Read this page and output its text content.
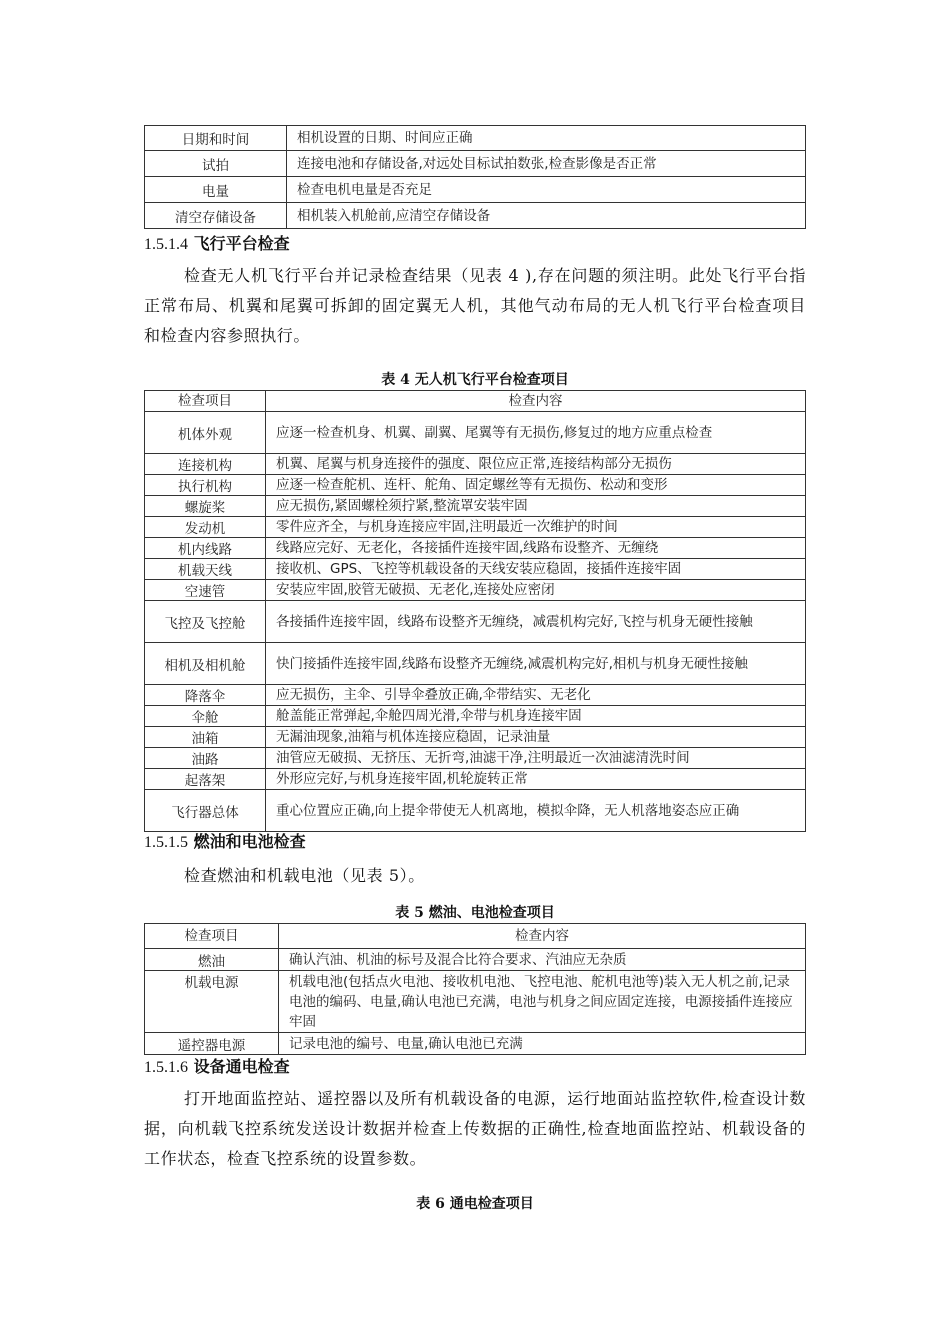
日期和时间	相机设置的日期、时间应正确
试拍	连接电池和存储设备,对远处目标试拍数张,检查影像是否正常
电量	检查电机电量是否充足
清空存储设备	相机装入机舱前,应清空存储设备
1.5.1.4 飞行平台检查
检查无人机飞行平台并记录检查结果（见表 4 ),存在问题的须注明。此处飞行平台指正常布局、机翼和尾翼可拆卸的固定翼无人机，其他气动布局的无人机飞行平台检查项目和检查内容参照执行。
表 4 无人机飞行平台检查项目
检查项目	检查内容
机体外观	应逐一检查机身、机翼、副翼、尾翼等有无损伤,修复过的地方应重点检查
连接机构	机翼、尾翼与机身连接件的强度、限位应正常,连接结构部分无损伤
执行机构	应逐一检查舵机、连杆、舵角、固定螺丝等有无损伤、松动和变形
螺旋桨	应无损伤,紧固螺栓须拧紧,整流罩安装牢固
发动机	零件应齐全，与机身连接应牢固,注明最近一次维护的时间
机内线路	线路应完好、无老化，各接插件连接牢固,线路布设整齐、无缠绕
机载天线	接收机、GPS、飞控等机载设备的天线安装应稳固，接插件连接牢固
空速管	安装应牢固,胶管无破损、无老化,连接处应密闭
飞控及飞控舱	各接插件连接牢固，线路布设整齐无缠绕，减震机构完好,飞控与机身无硬性接触
相机及相机舱	快门接插件连接牢固,线路布设整齐无缠绕,减震机构完好,相机与机身无硬性接触
降落伞	应无损伤，主伞、引导伞叠放正确,伞带结实、无老化
伞舱	舱盖能正常弹起,伞舱四周光滑,伞带与机身连接牢固
油箱	无漏油现象,油箱与机体连接应稳固，记录油量
油路	油管应无破损、无挤压、无折弯,油滤干净,注明最近一次油滤清洗时间
起落架	外形应完好,与机身连接牢固,机轮旋转正常
飞行器总体	重心位置应正确,向上提伞带使无人机离地，模拟伞降，无人机落地姿态应正确
1.5.1.5 燃油和电池检查
检查燃油和机载电池（见表 5）。
表 5 燃油、电池检查项目
检查项目	检查内容
燃油	确认汽油、机油的标号及混合比符合要求、汽油应无杂质
机载电源	机载电池(包括点火电池、接收机电池、飞控电池、舵机电池等)装入无人机之前,记录电池的编码、电量,确认电池已充满，电池与机身之间应固定连接，电源接插件连接应牢固
遥控器电源	记录电池的编号、电量,确认电池已充满
1.5.1.6 设备通电检查
打开地面监控站、遥控器以及所有机载设备的电源，运行地面站监控软件,检查设计数据，向机载飞控系统发送设计数据并检查上传数据的正确性,检查地面监控站、机载设备的工作状态，检查飞控系统的设置参数。
表 6 通电检查项目
